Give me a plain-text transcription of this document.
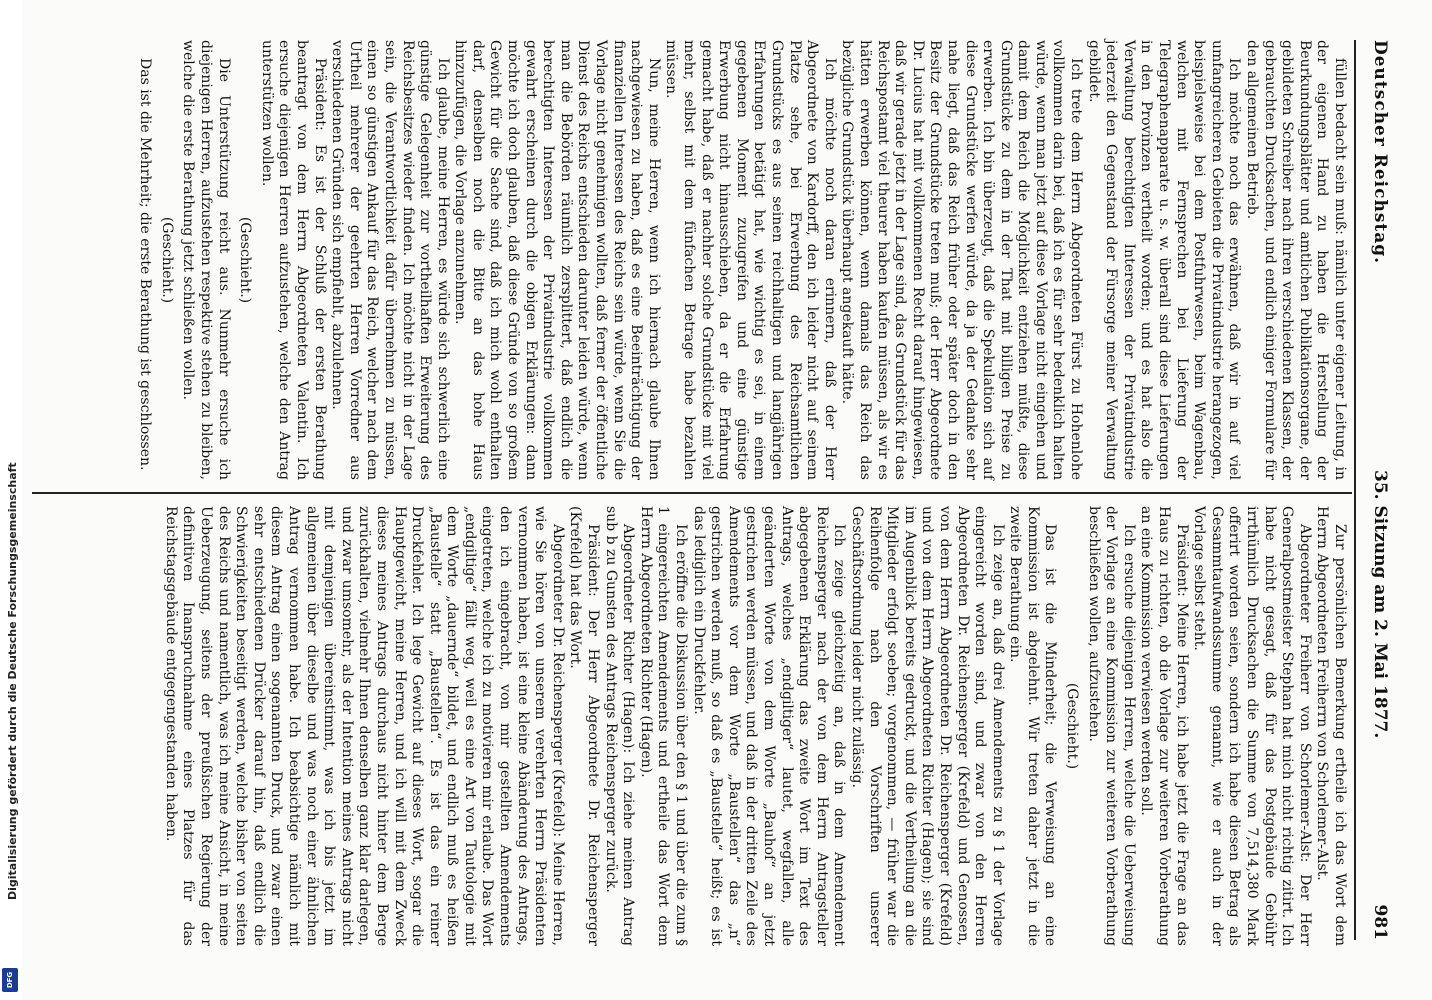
Deutscher Reichstag.
35. Sitzung am 2. Mai 1877.
981

füllen bedacht sein muß: nämlich unter eigener Leitung, in der eigenen Hand zu haben die Herstellung der Beurkundungsblätter und amtlichen Publikationsorgane, der gebildeten Schreiber nach ihren verschiedenen Klassen, der gebrauchten Drucksachen, und endlich einiger Formulare für den allgemeinen Betrieb.

Ich möchte noch das erwähnen, daß wir in auf viel umfangreicheren Gebieten die Privatindustrie herangezogen, beispielsweise bei dem Postfuhrwesen, beim Wagenbau, welchen mit Fernsprechen bei Lieferung der Telegraphenapparate u. s. w. überall sind diese Lieferungen in den Provinzen vertheilt worden; und es hat also die Verwaltung berechtigten Interessen der Privatindustrie jederzeit den Gegenstand der Fürsorge meiner Verwaltung gebildet.

Ich trete dem Herrn Abgeordneten Fürst zu Hohenlohe vollkommen darin bei, daß ich es für sehr bedenklich halten würde, wenn man jetzt auf diese Vorlage nicht eingehen und damit dem Reich die Möglichkeit entziehen müßte, diese Grundstücke zu dem in der That mit billigen Preise zu erwerben. Ich bin überzeugt, daß die Spekulation sich auf diese Grundstücke werfen würde, da ja der Gedanke sehr nahe liegt, daß das Reich früher oder später doch in den Besitz der Grundstücke treten muß; der Herr Abgeordnete Dr. Lucius hat mit vollkommenen Recht darauf hingewiesen, daß wir gerade jetzt in der Lage sind, das Grundstück für das Reichspostamt viel theurer haben kaufen müssen, als wir es hätten erwerben können, wenn damals das Reich das bezügliche Grundstück überhaupt angekauft hätte.

Ich möchte noch daran erinnern, daß der Herr Abgeordnete von Kardorff, den ich leider nicht auf seinem Platze sehe, bei Erwerbung des Reichsamtlichen Grundstücks es aus seinen reichhaltigen und langjährigen Erfahrungen betätigt hat, wie wichtig es sei, in einem gegebenen Moment zuzugreifen und eine günstige Erwerbung nicht hinausschieben, da er die Erfahrung gemacht habe, daß er nachher solche Grundstücke mit viel mehr, selbst mit dem fünfachen Betrage habe bezahlen müssen.

Nun, meine Herren, wenn ich hiernach glaube Ihnen nachgewiesen zu haben, daß es eine Beeinträchtigung der finanziellen Interessen des Reichs sein würde, wenn Sie die Vorlage nicht genehmigen wollten, daß ferner der öffentliche Dienst des Reichs entschieden darunter leiden würde, wenn man die Bebörden räumlich zersplittert, daß endlich die berechtigten Interessen der Privatindustrie vollkommen gewahrt erscheinen durch die obigen Erklärungen: dann möchte ich doch glauben, daß diese Gründe von so großem Gewicht für die Sache sind, daß ich mich wohl enthalten darf, denselben noch die Bitte an das hohe Haus hinzuzufügen, die Vorlage anzunehmen.

Ich glaube, meine Herren, es würde sich schwerlich eine günstige Gelegenheit zur vortheilhaften Erweiterung des Reichsbesitzes wieder finden. Ich möchte nicht in der Lage sein, die Verantwortlichkeit dafür übernehmen zu müssen, einen so günstigen Ankauf für das Reich, welcher nach dem Urtheil mehrerer der geehrten Herren Vorredner aus verschiedenen Gründen sich empfiehlt, abzulehnen.

Präsident: Es ist der Schluß der ersten Berathung beantragt von dem Herrn Abgeordneten Valentin. Ich ersuche diejenigen Herren aufzustehen, welche den Antrag unterstützen wollen.

(Geschieht.)

Die Unterstützung reicht aus. Nunmehr ersuche ich diejenigen Herren, aufzustehen respektive stehen zu bleiben, welche die erste Berathung jetzt schließen wollen.

(Geschieht.)

Das ist die Mehrheit; die erste Berathung ist geschlossen.

Zur persönlichen Bemerkung ertheile ich das Wort dem Herrn Abgeordneten Freiherrn von Schorlemer-Alst.

Abgeordneter Freiherr von Schorlemer-Alst: Der Herr Generalpostmeister Stephan hat mich nicht richtig zitirt. Ich habe nicht gesagt, daß für das Postgebäude Gebühr irrthümlich Drucksachen die Summe von 7,514,380 Mark offerirt worden seien, sondern ich habe diesen Betrag als Gesammtaufwandssumme genannt, wie er auch in der Vorlage selbst steht.

Präsident: Meine Herren, ich habe jetzt die Frage an das Haus zu richten, ob die Vorlage zur weiteren Vorberathung an eine Kommission verwiesen werden soll.

Ich ersuche diejenigen Herren, welche die Ueberweisung der Vorlage an eine Kommission zur weiteren Vorberathung beschließen wollen, aufzustehen.

(Geschieht.)

Das ist die Minderheit; die Verweisung an eine Kommission ist abgelehnt. Wir treten daher jetzt in die zweite Berathung ein.

Ich zeige an, daß drei Amendements zu § 1 der Vorlage eingereicht worden sind, und zwar von den Herren Abgeordneten Dr. Reichensperger (Krefeld) und Genossen, von dem Herrn Abgeordneten Dr. Reichensperger (Krefeld) und von dem Herrn Abgeordneten Richter (Hagen); sie sind im Augenblick bereits gedruckt, und die Vertheilung an die Mitglieder erfolgt soeben; vorgenommen, — früher war die Reihenfolge nach den Vorschriften unserer Geschäftsordnung leider nicht zulässig.

Ich zeige gleichzeitig an, daß in dem Amendement Reichensperger nach der von dem Herrn Antragsteller abgegebenen Erklärung das zweite Wort im Text des Antrags, welches „endgiltiger“ lautet, wegfallen, alle geänderten Worte von dem Worte „Bauhof“ an jetzt gestrichen werden müssen, und daß in der dritten Zeile des Amendements vor dem Worte „Baustellen“ das „n“ gestrichen werden muß, so daß es „Baustelle“ heißt; es ist das lediglich ein Druckfehler.

Ich eröffne die Diskussion über den § 1 und über die zum § 1 eingereichten Amendements und ertheile das Wort dem Herrn Abgeordneten Richter (Hagen).

Abgeordneter Richter (Hagen): Ich ziehe meinen Antrag sub b zu Gunsten des Antrags Reichensperger zurück.

Präsident: Der Herr Abgeordnete Dr. Reichensperger (Krefeld) hat das Wort.

Abgeordneter Dr. Reichensperger (Krefeld): Meine Herren, wie Sie hören von unserem verehrten Herrn Präsidenten vernommen haben, ist eine kleine Abänderung des Antrags, den ich eingebracht, von mir gestellten Amendements eingetreten, welche ich zu motivieren mir erlaube. Das Wort „endgiltige“ fällt weg, weil es eine Art von Tautologie mit dem Worte „dauernde“ bildet, und endlich muß es heißen „Baustelle“ statt „Baustellen“. Es ist das ein reiner Druckfehler. Ich lege Gewicht auf dieses Wort, sogar die Hauptgewicht, meine Herren, und ich will mit dem Zweck dieses meines Antrags durchaus nicht hinter dem Berge zurückhalten, vielmehr Ihnen denselben ganz klar darlegen, und zwar umsomehr, als der Intention meines Antrags nicht mit demjenigen übereinstimmt, was ich bis jetzt im allgemeinen über dieselbe und was noch einer ähnlichen Antrag vernommen habe. Ich beabsichtige nämlich mit diesem Antrag einen sogenannten Druck, und zwar einen sehr entschiedenen Drücker darauf hin, daß endlich die Schwierigkeiten beseitigt werden, welche bisher von seiten des Reichs und namentlich, was ich meine Ansicht, in meine Ueberzeugung, seitens der preußischen Regierung der definitiven Inanspruchnahme eines Platzes für das Reichstagsgebäude entgegengestanden haben.

Digitalisierung gefördert durch die Deutsche Forschungsgemeinschaft
DFG
